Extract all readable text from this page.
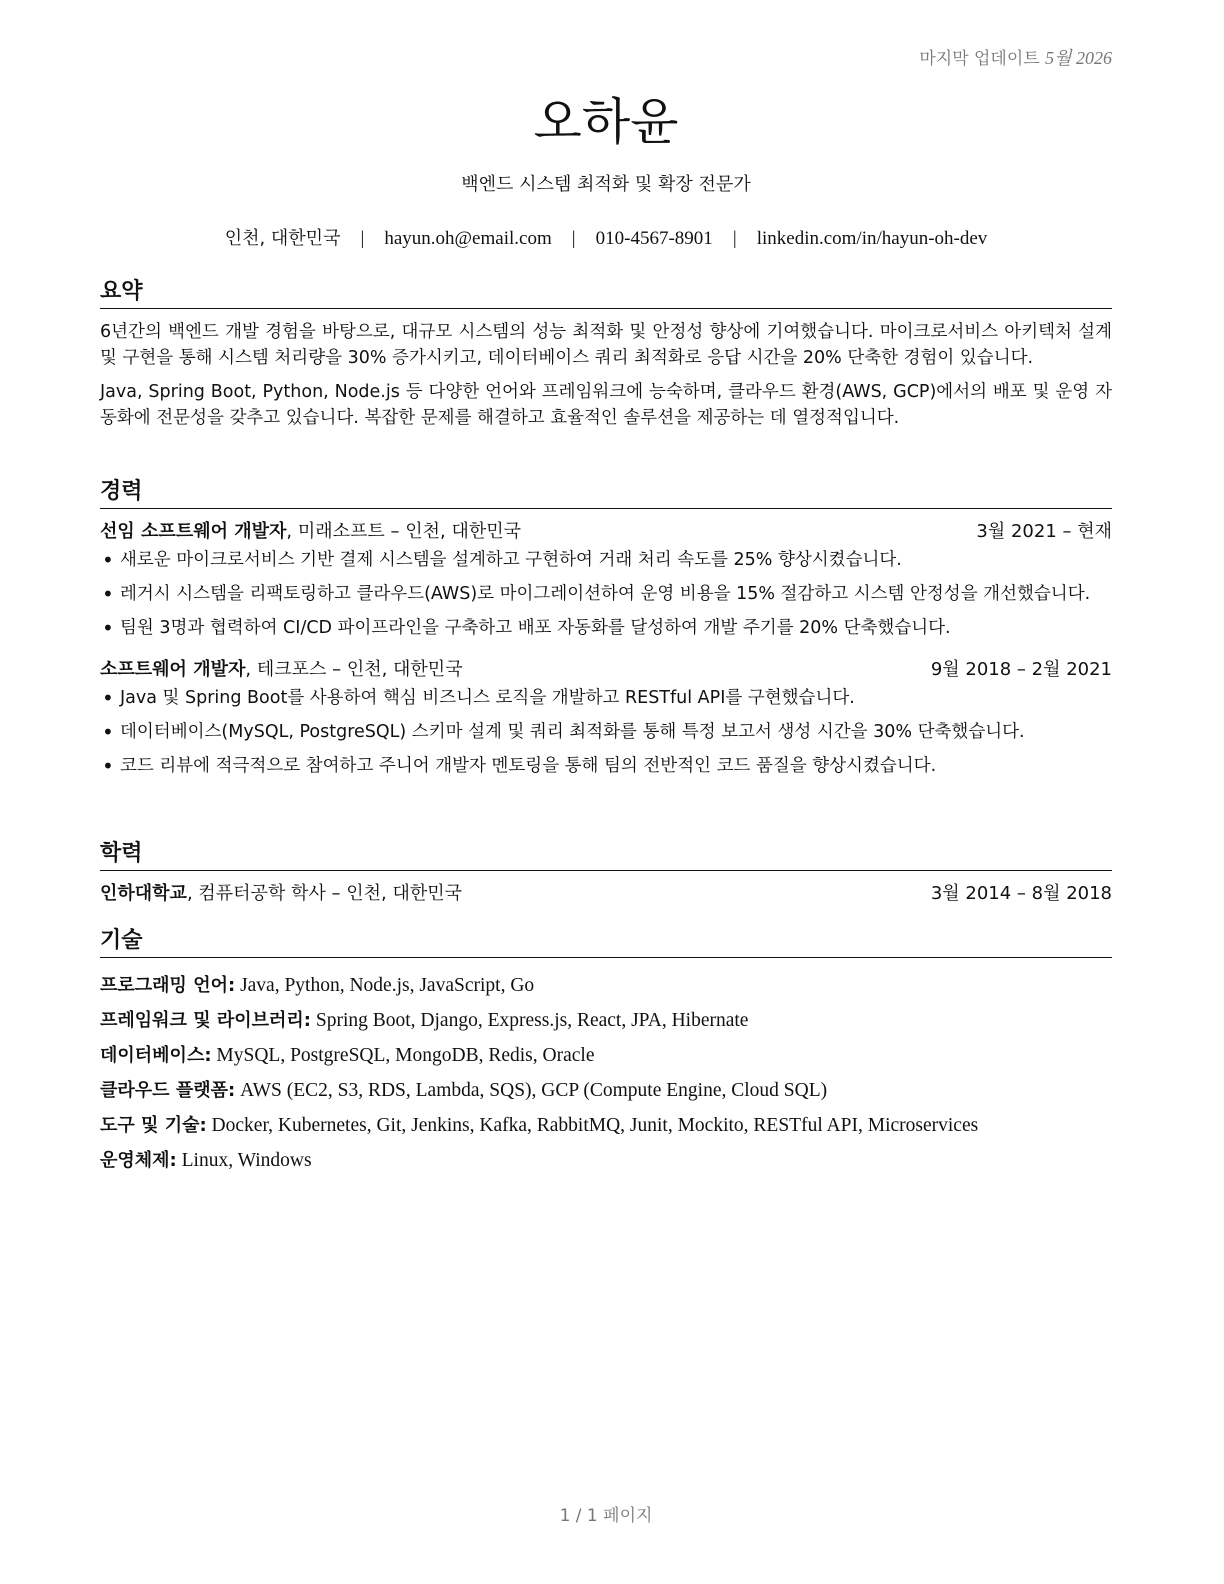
마지막 업데이트 5월 2026
오하윤
백엔드 시스템 최적화 및 확장 전문가
인천, 대한민국 | hayun.oh@email.com | 010-4567-8901 | linkedin.com/in/hayun-oh-dev
요약

6년간의 백엔드 개발 경험을 바탕으로, 대규모 시스템의 성능 최적화 및 안정성 향상에 기여했습니다. 마이크로서비스 아키텍처 설계 및 구현을 통해 시스템 처리량을 30% 증가시키고, 데이터베이스 쿼리 최적화로 응답 시간을 20% 단축한 경험이 있습니다.

Java, Spring Boot, Python, Node.js 등 다양한 언어와 프레임워크에 능숙하며, 클라우드 환경(AWS, GCP)에서의 배포 및 운영 자동화에 전문성을 갖추고 있습니다. 복잡한 문제를 해결하고 효율적인 솔루션을 제공하는 데 열정적입니다.

경력
선임 소프트웨어 개발자, 미래소프트 – 인천, 대한민국	3월 2021 – 현재
• 새로운 마이크로서비스 기반 결제 시스템을 설계하고 구현하여 거래 처리 속도를 25% 향상시켰습니다.
• 레거시 시스템을 리팩토링하고 클라우드(AWS)로 마이그레이션하여 운영 비용을 15% 절감하고 시스템 안정성을 개선했습니다.
• 팀원 3명과 협력하여 CI/CD 파이프라인을 구축하고 배포 자동화를 달성하여 개발 주기를 20% 단축했습니다.
소프트웨어 개발자, 테크포스 – 인천, 대한민국	9월 2018 – 2월 2021
• Java 및 Spring Boot를 사용하여 핵심 비즈니스 로직을 개발하고 RESTful API를 구현했습니다.
• 데이터베이스(MySQL, PostgreSQL) 스키마 설계 및 쿼리 최적화를 통해 특정 보고서 생성 시간을 30% 단축했습니다.
• 코드 리뷰에 적극적으로 참여하고 주니어 개발자 멘토링을 통해 팀의 전반적인 코드 품질을 향상시켰습니다.
학력
인하대학교, 컴퓨터공학 학사 – 인천, 대한민국	3월 2014 – 8월 2018
기술
프로그래밍 언어: Java, Python, Node.js, JavaScript, Go
프레임워크 및 라이브러리: Spring Boot, Django, Express.js, React, JPA, Hibernate
데이터베이스: MySQL, PostgreSQL, MongoDB, Redis, Oracle
클라우드 플랫폼: AWS (EC2, S3, RDS, Lambda, SQS), GCP (Compute Engine, Cloud SQL)
도구 및 기술: Docker, Kubernetes, Git, Jenkins, Kafka, RabbitMQ, Junit, Mockito, RESTful API, Microservices
운영체제: Linux, Windows
1 / 1 페이지
